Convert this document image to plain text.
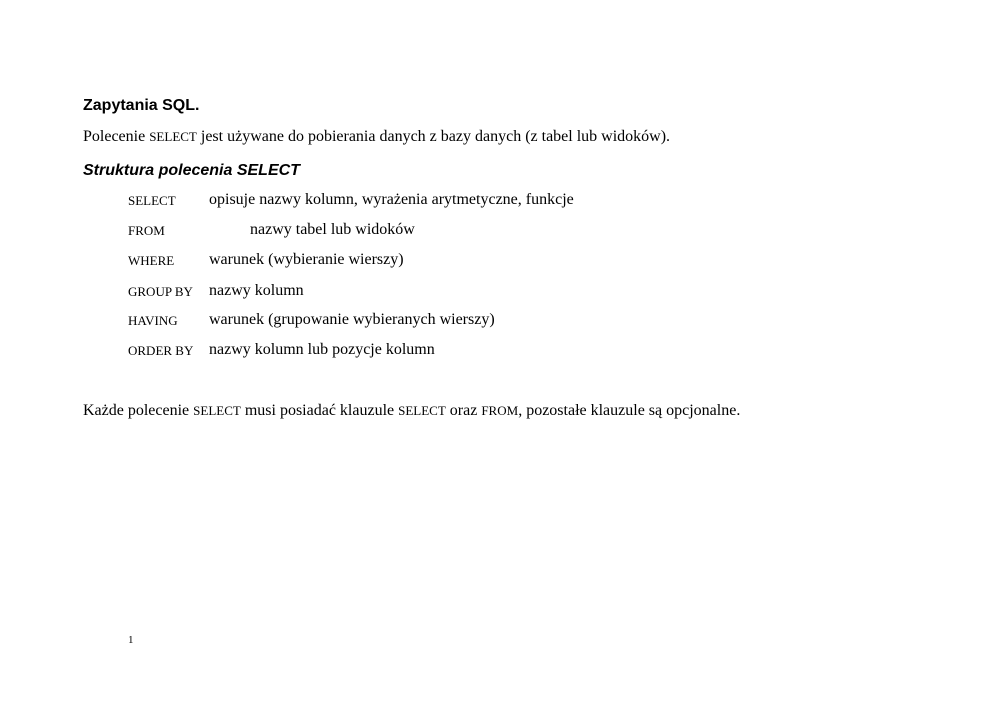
Zapytania SQL.
Polecenie SELECT jest używane do pobierania danych z bazy danych (z tabel lub widoków).
Struktura polecenia SELECT
SELECT opisuje nazwy kolumn, wyrażenia arytmetyczne, funkcje
FROM	nazwy tabel lub widoków
WHERE warunek (wybieranie wierszy)
GROUP BY nazwy kolumn
HAVING warunek (grupowanie wybieranych wierszy)
ORDER BY nazwy kolumn lub pozycje kolumn
Każde polecenie SELECT musi posiadać klauzule SELECT oraz FROM, pozostałe klauzule są opcjonalne.
1
